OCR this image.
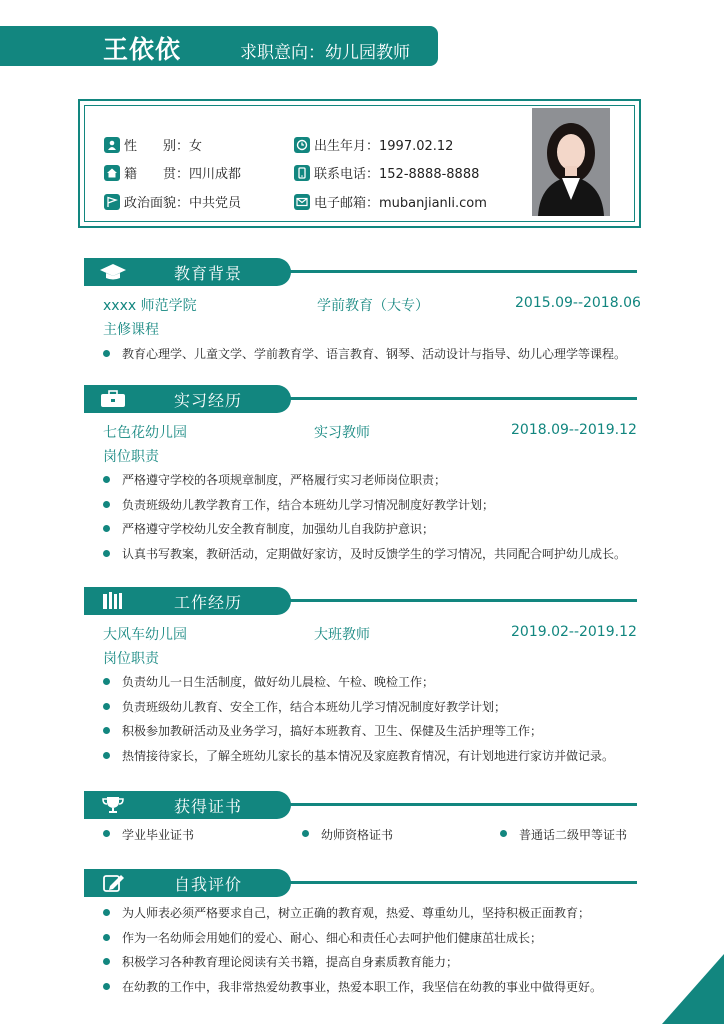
王依依	求职意向：幼儿园教师
性　　别：女	出生年月：1997.02.12
籍　　贯：四川成都	联系电话：152-8888-8888
政治面貌：中共党员	电子邮箱：mubanjianli.com
教育背景
xxxx 师范学院	学前教育（大专）	2015.09--2018.06
主修课程
教育心理学、儿童文学、学前教育学、语言教育、钢琴、活动设计与指导、幼儿心理学等课程。
实习经历
七色花幼儿园	实习教师	2018.09--2019.12
岗位职责
严格遵守学校的各项规章制度，严格履行实习老师岗位职责；
负责班级幼儿教学教育工作，结合本班幼儿学习情况制度好教学计划；
严格遵守学校幼儿安全教育制度，加强幼儿自我防护意识；
认真书写教案，教研活动，定期做好家访，及时反馈学生的学习情况，共同配合呵护幼儿成长。
工作经历
大风车幼儿园	大班教师	2019.02--2019.12
岗位职责
负责幼儿一日生活制度，做好幼儿晨检、午检、晚检工作；
负责班级幼儿教育、安全工作，结合本班幼儿学习情况制度好教学计划；
积极参加教研活动及业务学习，搞好本班教育、卫生、保健及生活护理等工作；
热情接待家长，了解全班幼儿家长的基本情况及家庭教育情况，有计划地进行家访并做记录。
获得证书
学业毕业证书	幼师资格证书	普通话二级甲等证书
自我评价
为人师表必须严格要求自己，树立正确的教育观，热爱、尊重幼儿，坚持积极正面教育；
作为一名幼师会用她们的爱心、耐心、细心和责任心去呵护他们健康茁壮成长；
积极学习各种教育理论阅读有关书籍，提高自身素质教育能力；
在幼教的工作中，我非常热爱幼教事业，热爱本职工作，我坚信在幼教的事业中做得更好。
